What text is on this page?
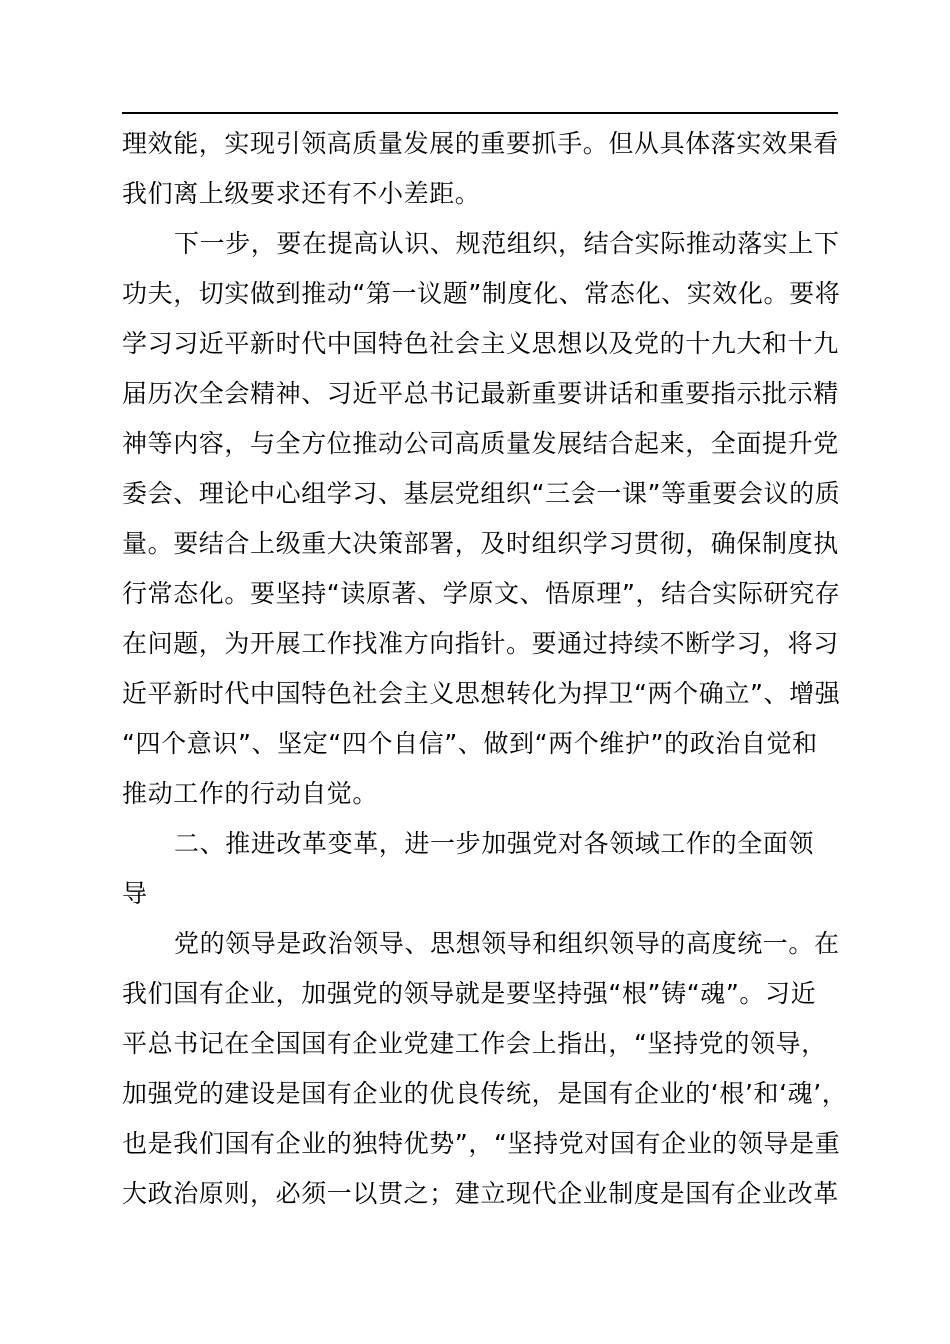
理效能，实现引领高质量发展的重要抓手。但从具体落实效果看
我们离上级要求还有不小差距。
下一步，要在提高认识、规范组织，结合实际推动落实上下
功夫，切实做到推动“第一议题”制度化、常态化、实效化。要将
学习习近平新时代中国特色社会主义思想以及党的十九大和十九
届历次全会精神、习近平总书记最新重要讲话和重要指示批示精
神等内容，与全方位推动公司高质量发展结合起来，全面提升党
委会、理论中心组学习、基层党组织“三会一课”等重要会议的质
量。要结合上级重大决策部署，及时组织学习贯彻，确保制度执
行常态化。要坚持“读原著、学原文、悟原理”，结合实际研究存
在问题，为开展工作找准方向指针。要通过持续不断学习，将习
近平新时代中国特色社会主义思想转化为捍卫“两个确立”、增强
“四个意识”、坚定“四个自信”、做到“两个维护”的政治自觉和
推动工作的行动自觉。
二、推进改革变革，进一步加强党对各领域工作的全面领
导
党的领导是政治领导、思想领导和组织领导的高度统一。在
我们国有企业，加强党的领导就是要坚持强“根”铸“魂”。习近
平总书记在全国国有企业党建工作会上指出，“坚持党的领导，
加强党的建设是国有企业的优良传统，是国有企业的‘根’和‘魂’，
也是我们国有企业的独特优势”，“坚持党对国有企业的领导是重
大政治原则，必须一以贯之；建立现代企业制度是国有企业改革
